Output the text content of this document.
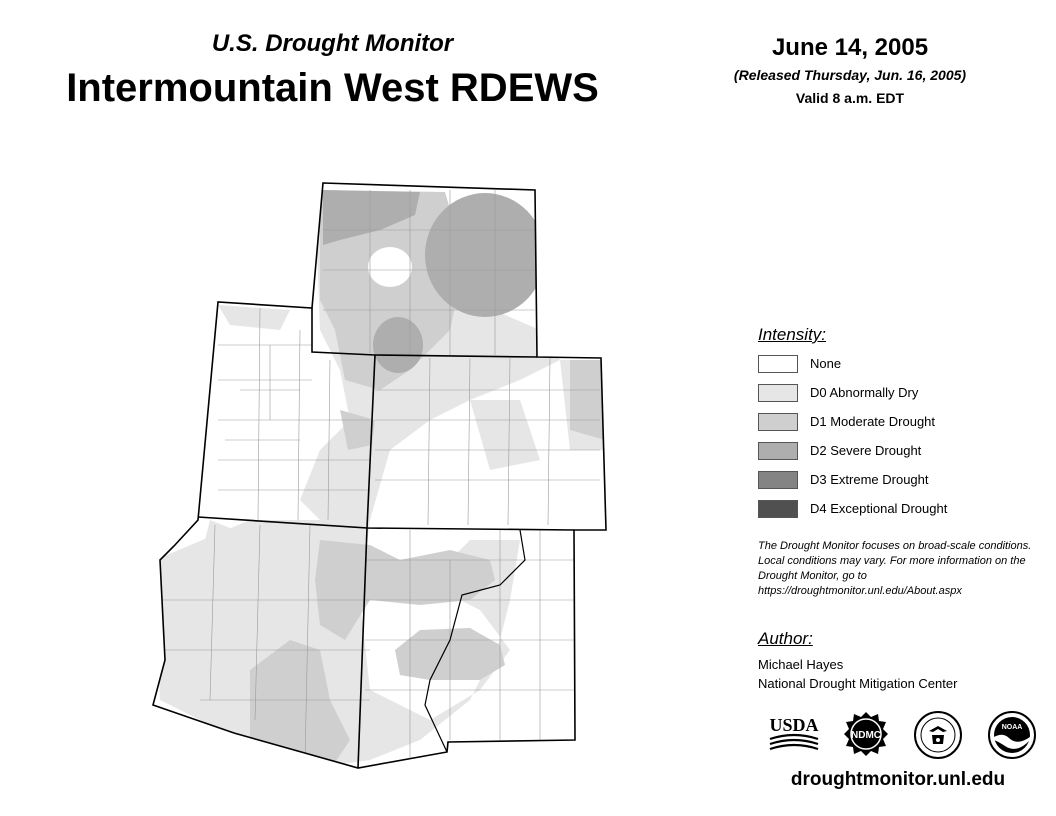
U.S. Drought Monitor
Intermountain West RDEWS
June 14, 2005
(Released Thursday, Jun. 16, 2005)
Valid 8 a.m. EDT
Intensity:
None
D0 Abnormally Dry
D1 Moderate Drought
D2 Severe Drought
D3 Extreme Drought
D4 Exceptional Drought
The Drought Monitor focuses on broad-scale conditions. Local conditions may vary. For more information on the Drought Monitor, go to https://droughtmonitor.unl.edu/About.aspx
Author:
Michael Hayes
National Drought Mitigation Center
USDA
NDMC
NOAA
droughtmonitor.unl.edu
